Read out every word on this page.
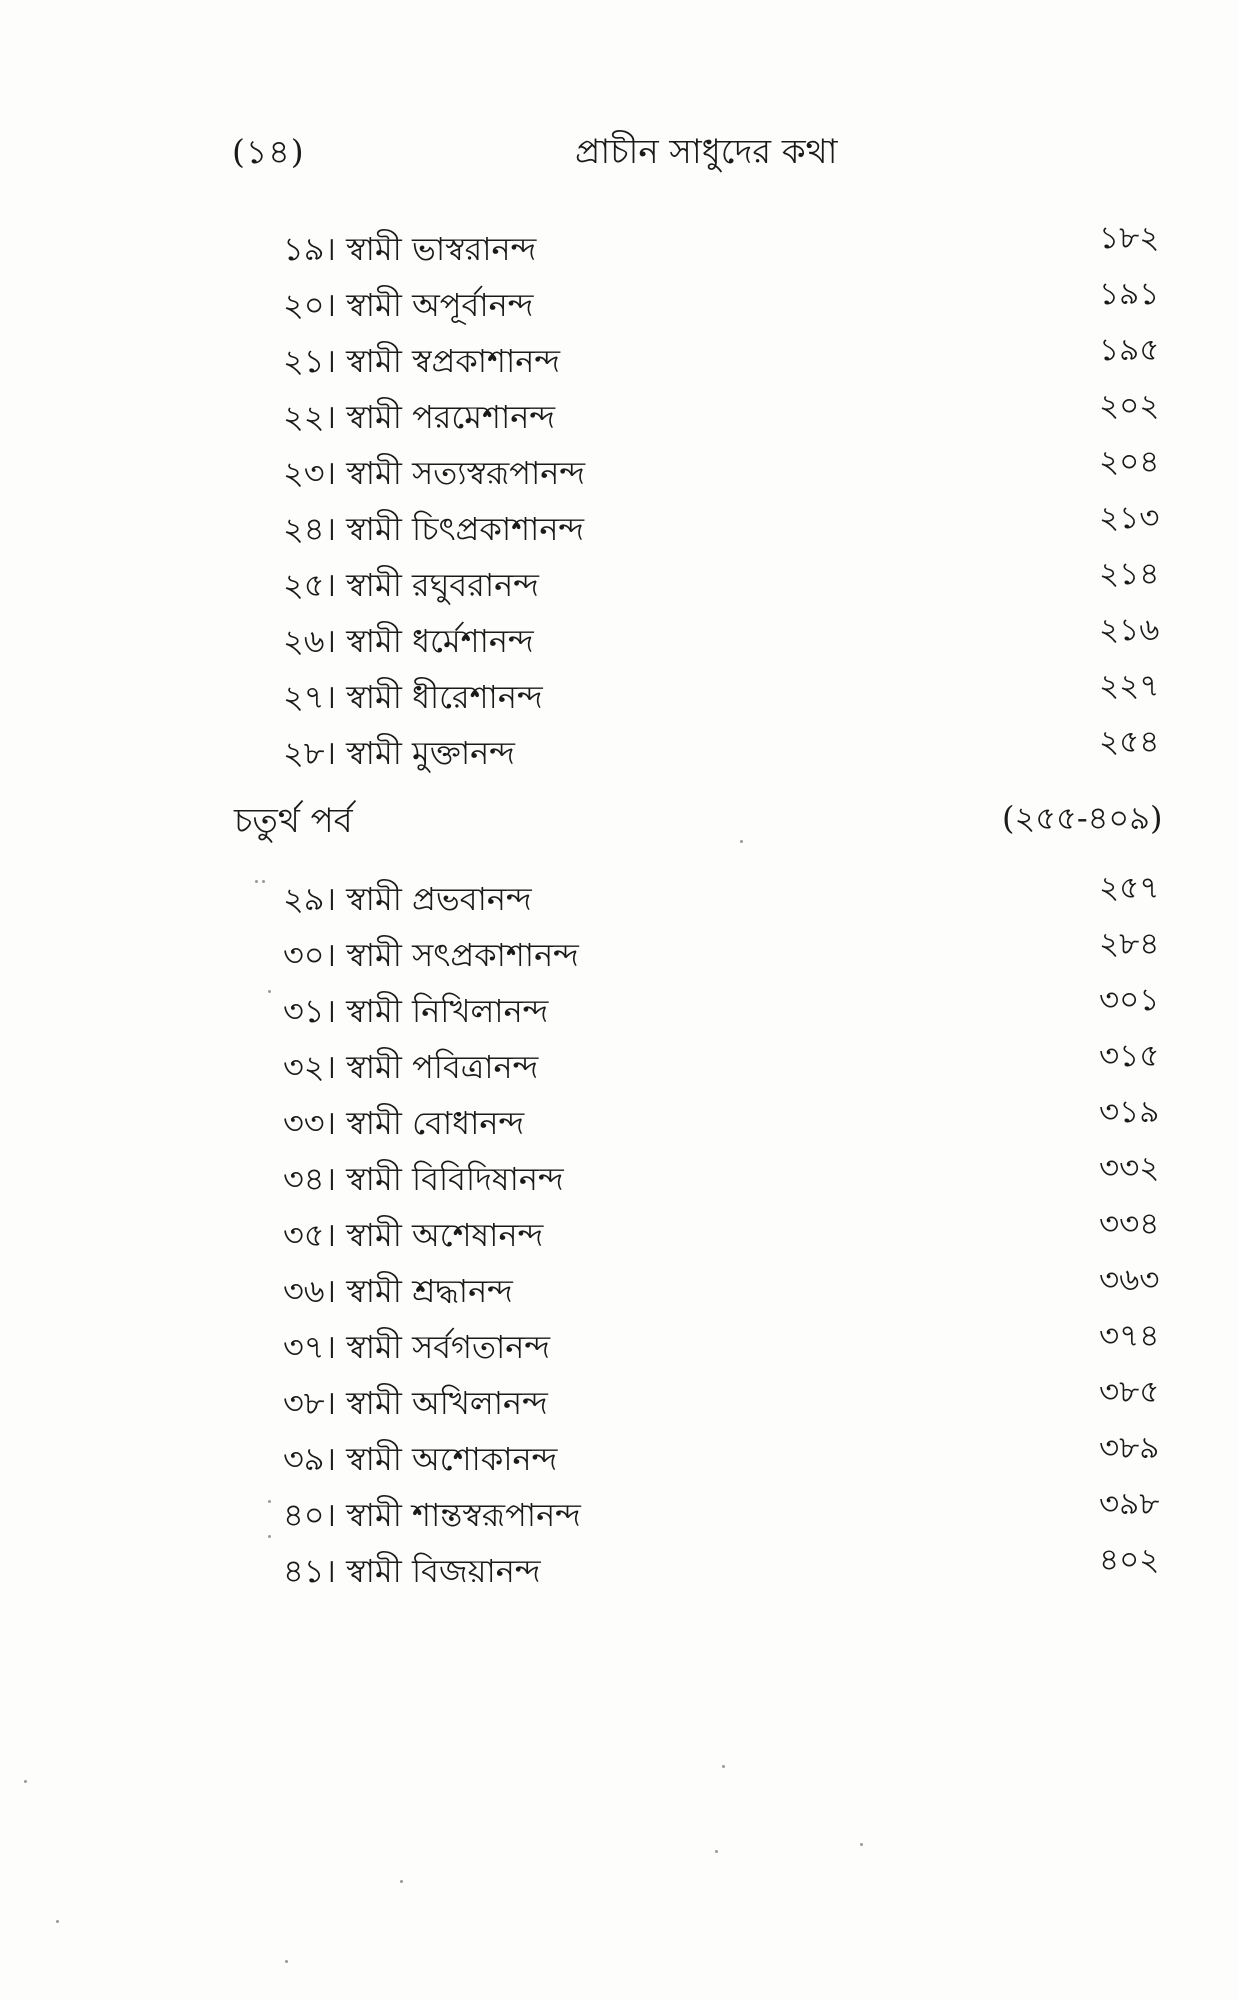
(১৪)	প্রাচীন সাধুদের কথা
১৯। স্বামী ভাস্বরানন্দ	১৮২
২০। স্বামী অপূর্বানন্দ	১৯১
২১। স্বামী স্বপ্রকাশানন্দ	১৯৫
২২। স্বামী পরমেশানন্দ	২০২
২৩। স্বামী সত্যস্বরূপানন্দ	২০৪
২৪। স্বামী চিৎপ্রকাশানন্দ	২১৩
২৫। স্বামী রঘুবরানন্দ	২১৪
২৬। স্বামী ধর্মেশানন্দ	২১৬
২৭। স্বামী ধীরেশানন্দ	২২৭
২৮। স্বামী মুক্তানন্দ	২৫৪
চতুর্থ পর্ব	(২৫৫-৪০৯)
২৯। স্বামী প্রভবানন্দ	২৫৭
৩০। স্বামী সৎপ্রকাশানন্দ	২৮৪
৩১। স্বামী নিখিলানন্দ	৩০১
৩২। স্বামী পবিত্রানন্দ	৩১৫
৩৩। স্বামী বোধানন্দ	৩১৯
৩৪। স্বামী বিবিদিষানন্দ	৩৩২
৩৫। স্বামী অশেষানন্দ	৩৩৪
৩৬। স্বামী শ্রদ্ধানন্দ	৩৬৩
৩৭। স্বামী সর্বগতানন্দ	৩৭৪
৩৮। স্বামী অখিলানন্দ	৩৮৫
৩৯। স্বামী অশোকানন্দ	৩৮৯
৪০। স্বামী শান্তস্বরূপানন্দ	৩৯৮
৪১। স্বামী বিজয়ানন্দ	৪০২
